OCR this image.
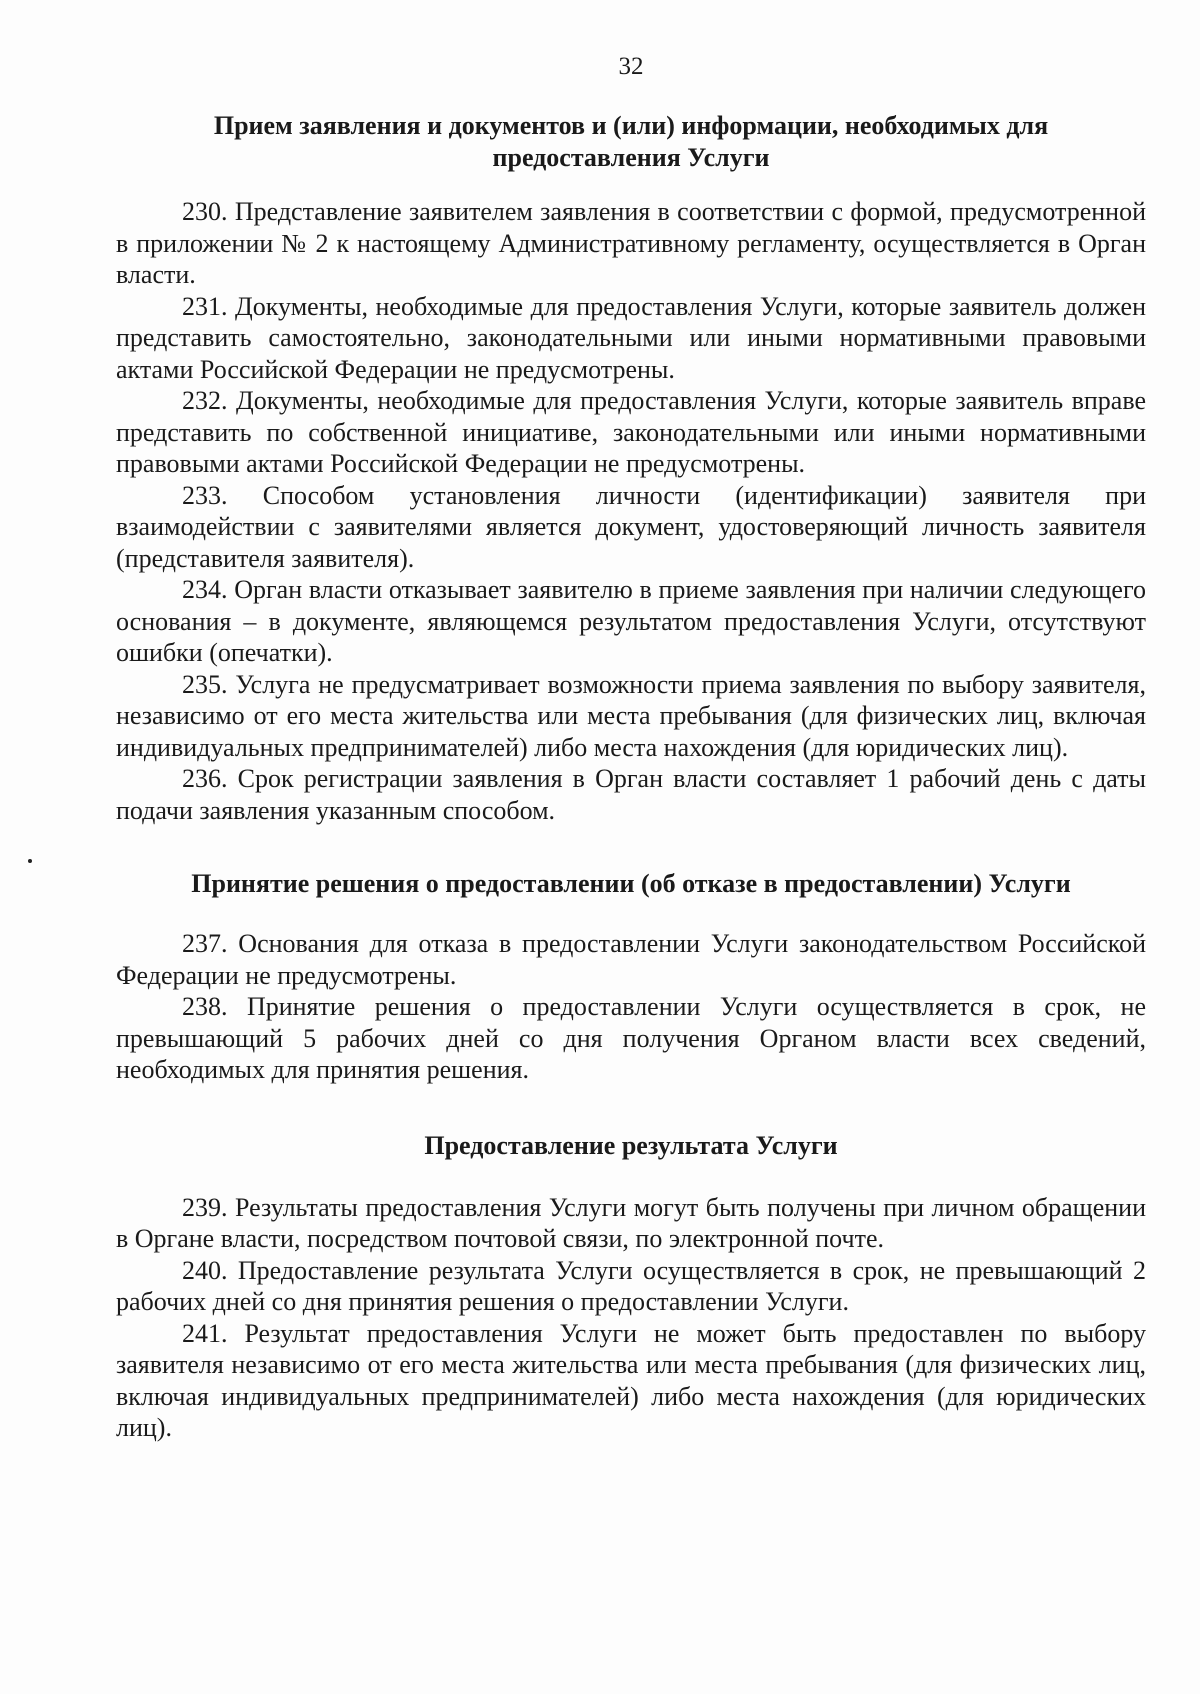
32
Прием заявления и документов и (или) информации, необходимых для предоставления Услуги

230. Представление заявителем заявления в соответствии с формой, предусмотренной в приложении № 2 к настоящему Административному регламенту, осуществляется в Орган власти.

231. Документы, необходимые для предоставления Услуги, которые заявитель должен представить самостоятельно, законодательными или иными нормативными правовыми актами Российской Федерации не предусмотрены.

232. Документы, необходимые для предоставления Услуги, которые заявитель вправе представить по собственной инициативе, законодательными или иными нормативными правовыми актами Российской Федерации не предусмотрены.

233. Способом установления личности (идентификации) заявителя при взаимодействии с заявителями является документ, удостоверяющий личность заявителя (представителя заявителя).

234. Орган власти отказывает заявителю в приеме заявления при наличии следующего основания – в документе, являющемся результатом предоставления Услуги, отсутствуют ошибки (опечатки).

235. Услуга не предусматривает возможности приема заявления по выбору заявителя, независимо от его места жительства или места пребывания (для физических лиц, включая индивидуальных предпринимателей) либо места нахождения (для юридических лиц).

236. Срок регистрации заявления в Орган власти составляет 1 рабочий день с даты подачи заявления указанным способом.

Принятие решения о предоставлении (об отказе в предоставлении) Услуги

237. Основания для отказа в предоставлении Услуги законодательством Российской Федерации не предусмотрены.

238. Принятие решения о предоставлении Услуги осуществляется в срок, не превышающий 5 рабочих дней со дня получения Органом власти всех сведений, необходимых для принятия решения.

Предоставление результата Услуги

239. Результаты предоставления Услуги могут быть получены при личном обращении в Органе власти, посредством почтовой связи, по электронной почте.

240. Предоставление результата Услуги осуществляется в срок, не превышающий 2 рабочих дней со дня принятия решения о предоставлении Услуги.

241. Результат предоставления Услуги не может быть предоставлен по выбору заявителя независимо от его места жительства или места пребывания (для физических лиц, включая индивидуальных предпринимателей) либо места нахождения (для юридических лиц).
